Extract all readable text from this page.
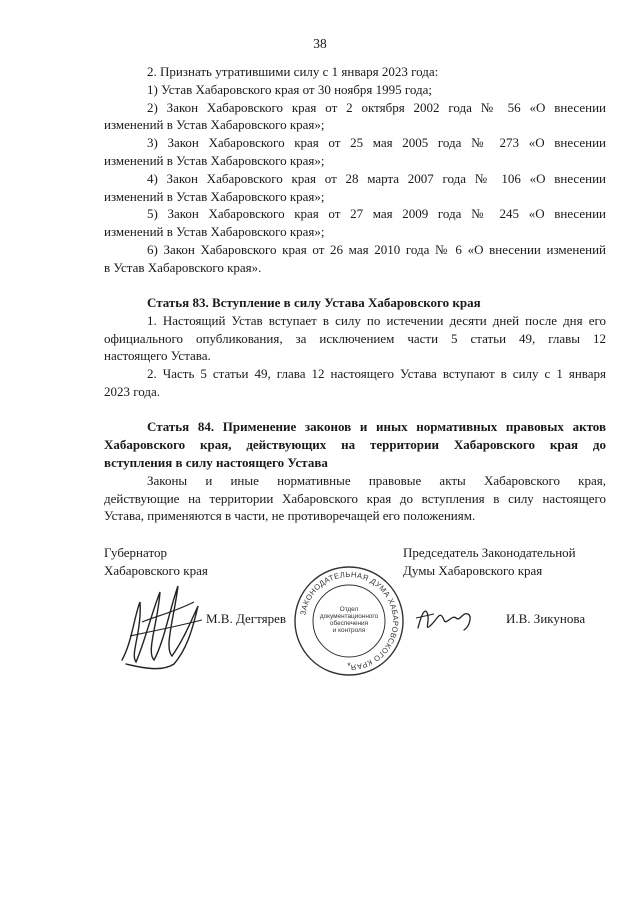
38

2. Признать утратившими силу с 1 января 2023 года:

1) Устав Хабаровского края от 30 ноября 1995 года;

2) Закон Хабаровского края от 2 октября 2002 года № 56 «О внесении

изменений в Устав Хабаровского края»;

3) Закон Хабаровского края от 25 мая 2005 года № 273 «О внесении

изменений в Устав Хабаровского края»;

4) Закон Хабаровского края от 28 марта 2007 года № 106 «О внесении

изменений в Устав Хабаровского края»;

5) Закон Хабаровского края от 27 мая 2009 года № 245 «О внесении

изменений в Устав Хабаровского края»;

6) Закон Хабаровского края от 26 мая 2010 года № 6 «О внесении изменений

в Устав Хабаровского края».

Статья 83. Вступление в силу Устава Хабаровского края

1. Настоящий Устав вступает в силу по истечении десяти дней после дня его

официального опубликования, за исключением части 5 статьи 49, главы 12

настоящего Устава.

2. Часть 5 статьи 49, глава 12 настоящего Устава вступают в силу с 1 января

2023 года.

Статья 84. Применение законов и иных нормативных правовых актов

Хабаровского края, действующих на территории Хабаровского края до

вступления в силу настоящего Устава

Законы и иные нормативные правовые акты Хабаровского края,

действующие на территории Хабаровского края до вступления в силу настоящего

Устава, применяются в части, не противоречащей его положениям.

Губернатор
Хабаровского края
М.В. Дегтярев
Председатель Законодательной
Думы Хабаровского края
И.В. Зикунова
ЗАКОНОДАТЕЛЬНАЯ ДУМА ХАБАРОВСКОГО КРАЯ
Отдел
документационного
обеспечения
и контроля
*
